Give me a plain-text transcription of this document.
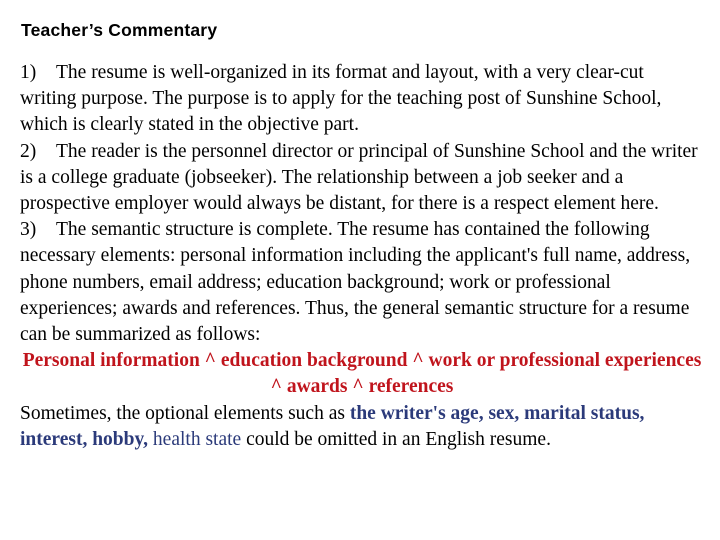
Teacher’s Commentary

1) The resume is well-organized in its format and layout, with a very clear-cut writing purpose. The purpose is to apply for the teaching post of Sunshine School, which is clearly stated in the objective part.

2) The reader is the personnel director or principal of Sunshine School and the writer is a college graduate (jobseeker). The relationship between a job seeker and a prospective employer would always be distant, for there is a respect element here.

3) The semantic structure is complete. The resume has contained the following necessary elements: personal information including the applicant's full name, address, phone numbers, email address; education background; work or professional experiences; awards and references. Thus, the general semantic structure for a resume can be summarized as follows:

Personal information ^ education background ^ work or professional experiences ^ awards ^ references

Sometimes, the optional elements such as the writer's age, sex, marital status, interest, hobby, health state could be omitted in an English resume.
